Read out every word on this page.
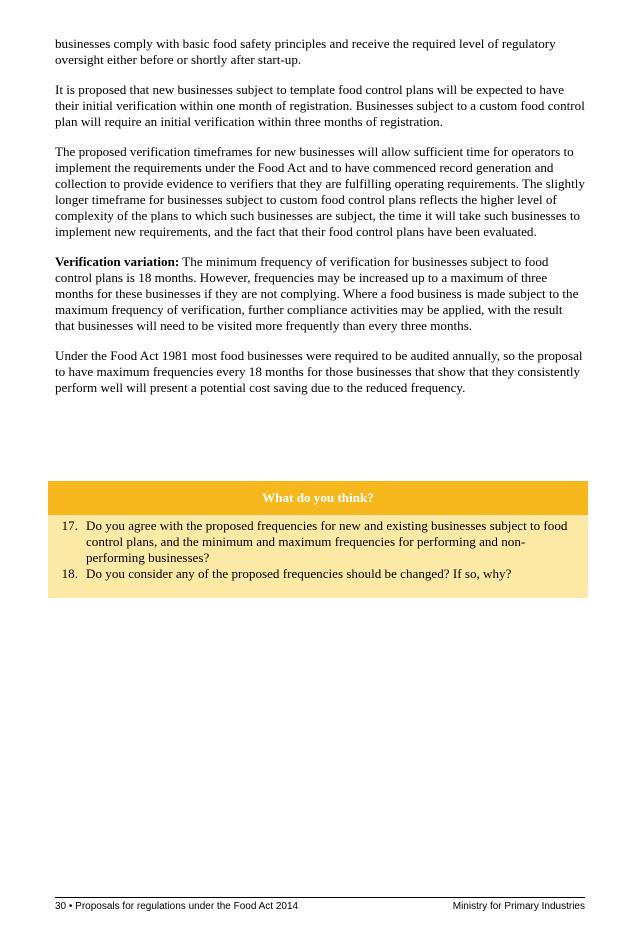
businesses comply with basic food safety principles and receive the required level of regulatory oversight either before or shortly after start-up.

It is proposed that new businesses subject to template food control plans will be expected to have their initial verification within one month of registration. Businesses subject to a custom food control plan will require an initial verification within three months of registration.

The proposed verification timeframes for new businesses will allow sufficient time for operators to implement the requirements under the Food Act and to have commenced record generation and collection to provide evidence to verifiers that they are fulfilling operating requirements. The slightly longer timeframe for businesses subject to custom food control plans reflects the higher level of complexity of the plans to which such businesses are subject, the time it will take such businesses to implement new requirements, and the fact that their food control plans have been evaluated.

Verification variation: The minimum frequency of verification for businesses subject to food control plans is 18 months. However, frequencies may be increased up to a maximum of three months for these businesses if they are not complying. Where a food business is made subject to the maximum frequency of verification, further compliance activities may be applied, with the result that businesses will need to be visited more frequently than every three months.

Under the Food Act 1981 most food businesses were required to be audited annually, so the proposal to have maximum frequencies every 18 months for those businesses that show that they consistently perform well will present a potential cost saving due to the reduced frequency.

What do you think?
17. Do you agree with the proposed frequencies for new and existing businesses subject to food control plans, and the minimum and maximum frequencies for performing and non-performing businesses?
18. Do you consider any of the proposed frequencies should be changed? If so, why?
30 • Proposals for regulations under the Food Act 2014	Ministry for Primary Industries
